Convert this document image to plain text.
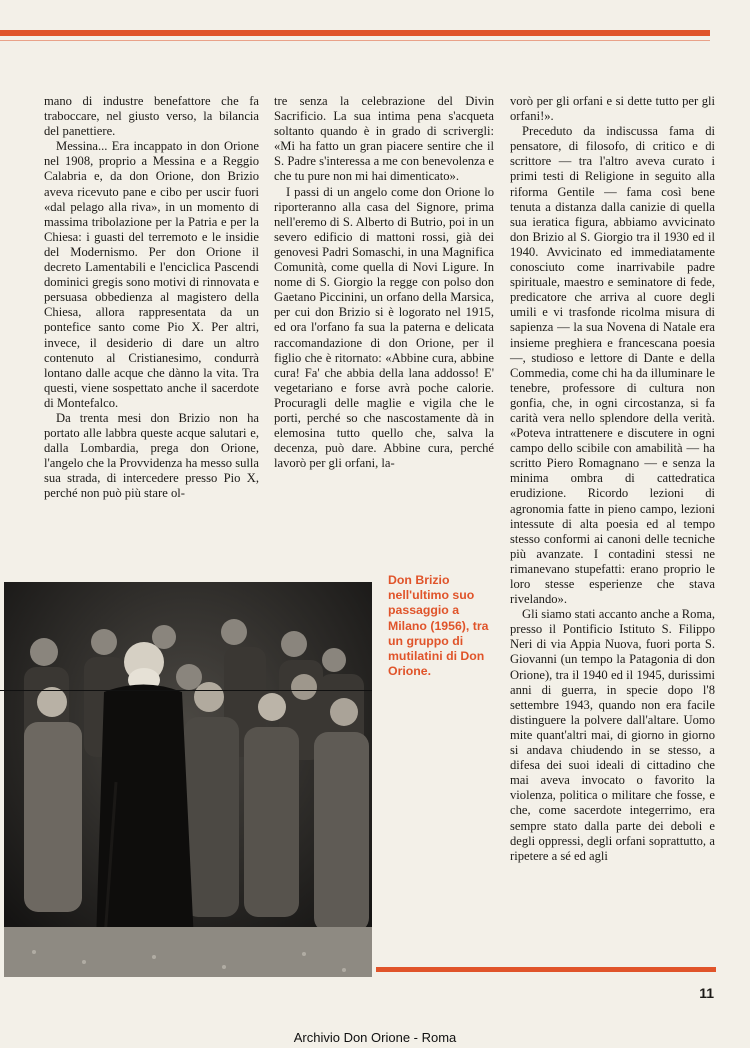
mano di industre benefattore che fa traboccare, nel giusto verso, la bilancia del panettiere.

Messina... Era incappato in don Orione nel 1908, proprio a Messina e a Reggio Calabria e, da don Orione, don Brizio aveva ricevuto pane e cibo per uscir fuori «dal pelago alla riva», in un momento di massima tribolazione per la Patria e per la Chiesa: i guasti del terremoto e le insidie del Modernismo. Per don Orione il decreto Lamentabili e l'enciclica Pascendi dominici gregis sono motivi di rinnovata e persuasa obbedienza al magistero della Chiesa, allora rappresentata da un pontefice santo come Pio X. Per altri, invece, il desiderio di dare un altro contenuto al Cristianesimo, condurrà lontano dalle acque che dànno la vita. Tra questi, viene sospettato anche il sacerdote di Montefalco.

Da trenta mesi don Brizio non ha portato alle labbra queste acque salutari e, dalla Lombardia, prega don Orione, l'angelo che la Provvidenza ha messo sulla sua strada, di intercedere presso Pio X, perché non può più stare ol-

tre senza la celebrazione del Divin Sacrificio. La sua intima pena s'acqueta soltanto quando è in grado di scrivergli: «Mi ha fatto un gran piacere sentire che il S. Padre s'interessa a me con benevolenza e che tu pure non mi hai dimenticato».

I passi di un angelo come don Orione lo riporteranno alla casa del Signore, prima nell'eremo di S. Alberto di Butrio, poi in un severo edificio di mattoni rossi, già dei genovesi Padri Somaschi, in una Magnifica Comunità, come quella di Novi Ligure. In nome di S. Giorgio la regge con polso don Gaetano Piccinini, un orfano della Marsica, per cui don Brizio si è logorato nel 1915, ed ora l'orfano fa sua la paterna e delicata raccomandazione di don Orione, per il figlio che è ritornato: «Abbine cura, abbine cura! Fa' che abbia della lana addosso! E' vegetariano e forse avrà poche calorie. Procuragli delle maglie e vigila che le porti, perché so che nascostamente dà in elemosina tutto quello che, salva la decenza, può dare. Abbine cura, perché lavorò per gli orfani, la-

vorò per gli orfani e si dette tutto per gli orfani!».

Preceduto da indiscussa fama di pensatore, di filosofo, di critico e di scrittore — tra l'altro aveva curato i primi testi di Religione in seguito alla riforma Gentile — fama così bene tenuta a distanza dalla canizie di quella sua ieratica figura, abbiamo avvicinato don Brizio al S. Giorgio tra il 1930 ed il 1940. Avvicinato ed immediatamente conosciuto come inarrivabile padre spirituale, maestro e seminatore di fede, predicatore che arriva al cuore degli umili e vi trasfonde ricolma misura di sapienza — la sua Novena di Natale era insieme preghiera e francescana poesia —, studioso e lettore di Dante e della Commedia, come chi ha da illuminare le tenebre, professore di cultura non gonfia, che, in ogni circostanza, si fa carità vera nello splendore della verità. «Poteva intrattenere e discutere in ogni campo dello scibile con amabilità — ha scritto Piero Romagnano — e senza la minima ombra di cattedratica erudizione. Ricordo lezioni di agronomia fatte in pieno campo, lezioni intessute di alta poesia ed al tempo stesso conformi ai canoni delle tecniche più avanzate. I contadini stessi ne rimanevano stupefatti: erano proprio le loro stesse esperienze che stava rivelando».

Gli siamo stati accanto anche a Roma, presso il Pontificio Istituto S. Filippo Neri di via Appia Nuova, fuori porta S. Giovanni (un tempo la Patagonia di don Orione), tra il 1940 ed il 1945, durissimi anni di guerra, in specie dopo l'8 settembre 1943, quando non era facile distinguere la polvere dall'altare. Uomo mite quant'altri mai, di giorno in giorno si andava chiudendo in se stesso, a difesa dei suoi ideali di cittadino che mai aveva invocato o favorito la violenza, politica o militare che fosse, e che, come sacerdote integerrimo, era sempre stato dalla parte dei deboli e degli oppressi, degli orfani soprattutto, a ripetere a sé ed agli

Don Brizio nell'ultimo suo passaggio a Milano (1956), tra un gruppo di mutilatini di Don Orione.
11
Archivio Don Orione - Roma
